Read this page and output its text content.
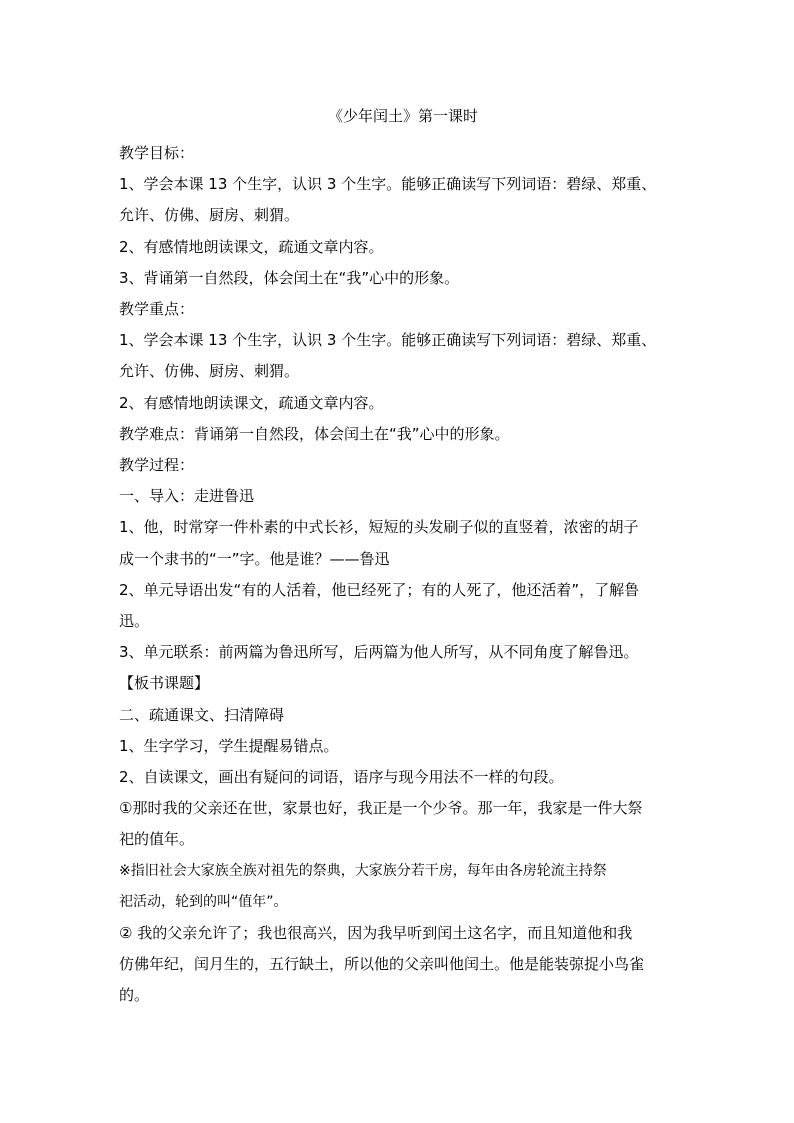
《少年闰土》第一课时

教学目标：

1、学会本课 13 个生字，认识 3 个生字。能够正确读写下列词语：碧绿、郑重、

允许、仿佛、厨房、刺猬。

2、有感情地朗读课文，疏通文章内容。

3、背诵第一自然段，体会闰土在“我”心中的形象。

教学重点：

1、学会本课 13 个生字，认识 3 个生字。能够正确读写下列词语：碧绿、郑重、

允许、仿佛、厨房、刺猬。

2、有感情地朗读课文，疏通文章内容。

教学难点：背诵第一自然段，体会闰土在“我”心中的形象。

教学过程：

一、导入：走进鲁迅

1、他，时常穿一件朴素的中式长衫，短短的头发刷子似的直竖着，浓密的胡子

成一个隶书的“一”字。他是谁？——鲁迅

2、单元导语出发“有的人活着，他已经死了；有的人死了，他还活着”，了解鲁

迅。

3、单元联系：前两篇为鲁迅所写，后两篇为他人所写，从不同角度了解鲁迅。

【板书课题】

二、疏通课文、扫清障碍

1、生字学习，学生提醒易错点。

2、自读课文，画出有疑问的词语，语序与现今用法不一样的句段。

①那时我的父亲还在世，家景也好，我正是一个少爷。那一年，我家是一件大祭

祀的值年。

※指旧社会大家族全族对祖先的祭典，大家族分若干房，每年由各房轮流主持祭

祀活动，轮到的叫“值年”。

② 我的父亲允许了；我也很高兴，因为我早听到闰土这名字，而且知道他和我

仿佛年纪，闰月生的，五行缺土，所以他的父亲叫他闰土。他是能装弶捉小鸟雀

的。
